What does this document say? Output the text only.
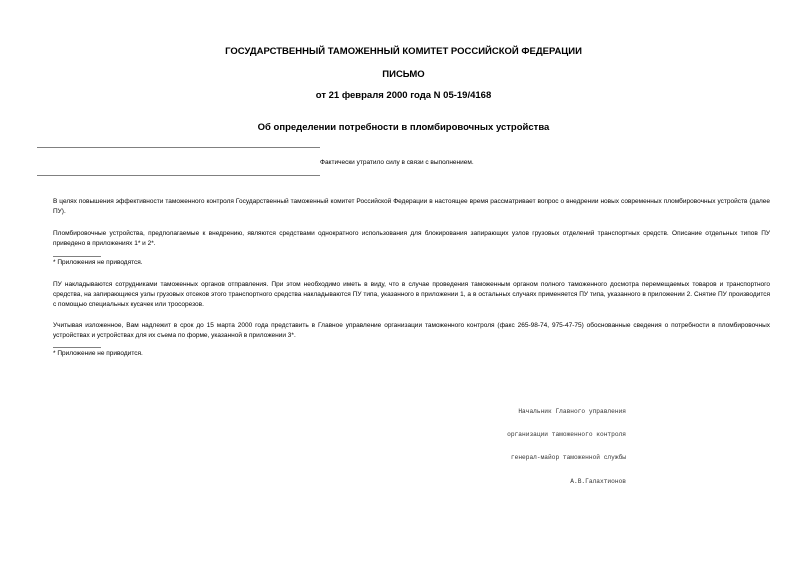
ГОСУДАРСТВЕННЫЙ ТАМОЖЕННЫЙ КОМИТЕТ РОССИЙСКОЙ ФЕДЕРАЦИИ
ПИСЬМО
от 21 февраля 2000 года N 05-19/4168
Об определении потребности в пломбировочных устройства
Фактически утратило силу в связи с выполнением.
В целях повышения эффективности таможенного контроля Государственный таможенный комитет Российской Федерации в настоящее время рассматривает вопрос о внедрении новых современных пломбировочных устройств (далее ПУ).
Пломбировочные устройства, предполагаемые к внедрению, являются средствами однократного использования для блокирования запирающих узлов грузовых отделений транспортных средств. Описание отдельных типов ПУ приведено в приложениях 1* и 2*.
* Приложения не приводятся.
ПУ накладываются сотрудниками таможенных органов отправления. При этом необходимо иметь в виду, что в случае проведения таможенным органом полного таможенного досмотра перемещаемых товаров и транспортного средства, на запирающиеся узлы грузовых отсеков этого транспортного средства накладываются ПУ типа, указанного в приложении 1, а в остальных случаях применяется ПУ типа, указанного в приложении 2. Снятие ПУ производится с помощью специальных кусачек или тросорезов.
Учитывая изложенное, Вам надлежит в срок до 15 марта 2000 года представить в Главное управление организации таможенного контроля (факс 265-98-74, 975-47-75) обоснованные сведения о потребности в пломбировочных устройствах и устройствах для их съема по форме, указанной в приложении 3*.
* Приложение не приводится.

Начальник Главного управления

организации таможенного контроля

генерал-майор таможенной службы

А.В.Галахтионов
